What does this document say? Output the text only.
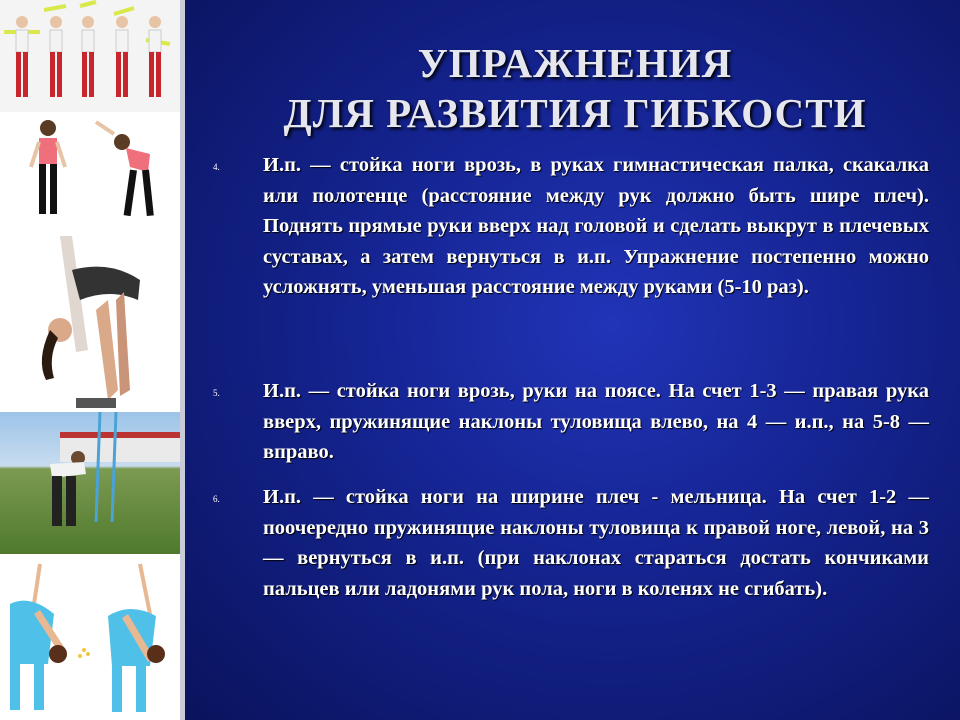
УПРАЖНЕНИЯ
ДЛЯ РАЗВИТИЯ ГИБКОСТИ
4. И.п. — стойка ноги врозь, в руках гимнастическая палка, скакалка или полотенце (расстояние между рук должно быть шире плеч). Поднять прямые руки вверх над головой и сделать выкрут в плечевых суставах, а затем вернуться в и.п. Упражнение постепенно можно усложнять, уменьшая расстояние между руками (5-10 раз).
5. И.п. — стойка ноги врозь, руки на поясе. На счет 1-3 — правая рука вверх, пружинящие наклоны туловища влево, на 4 — и.п., на 5-8 — вправо.
6. И.п. — стойка ноги на ширине плеч - мельница. На счет 1-2 — поочередно пружинящие наклоны туловища к правой ноге, левой, на 3 — вернуться в и.п. (при наклонах стараться достать кончиками пальцев или ладонями рук пола, ноги в коленях не сгибать).
